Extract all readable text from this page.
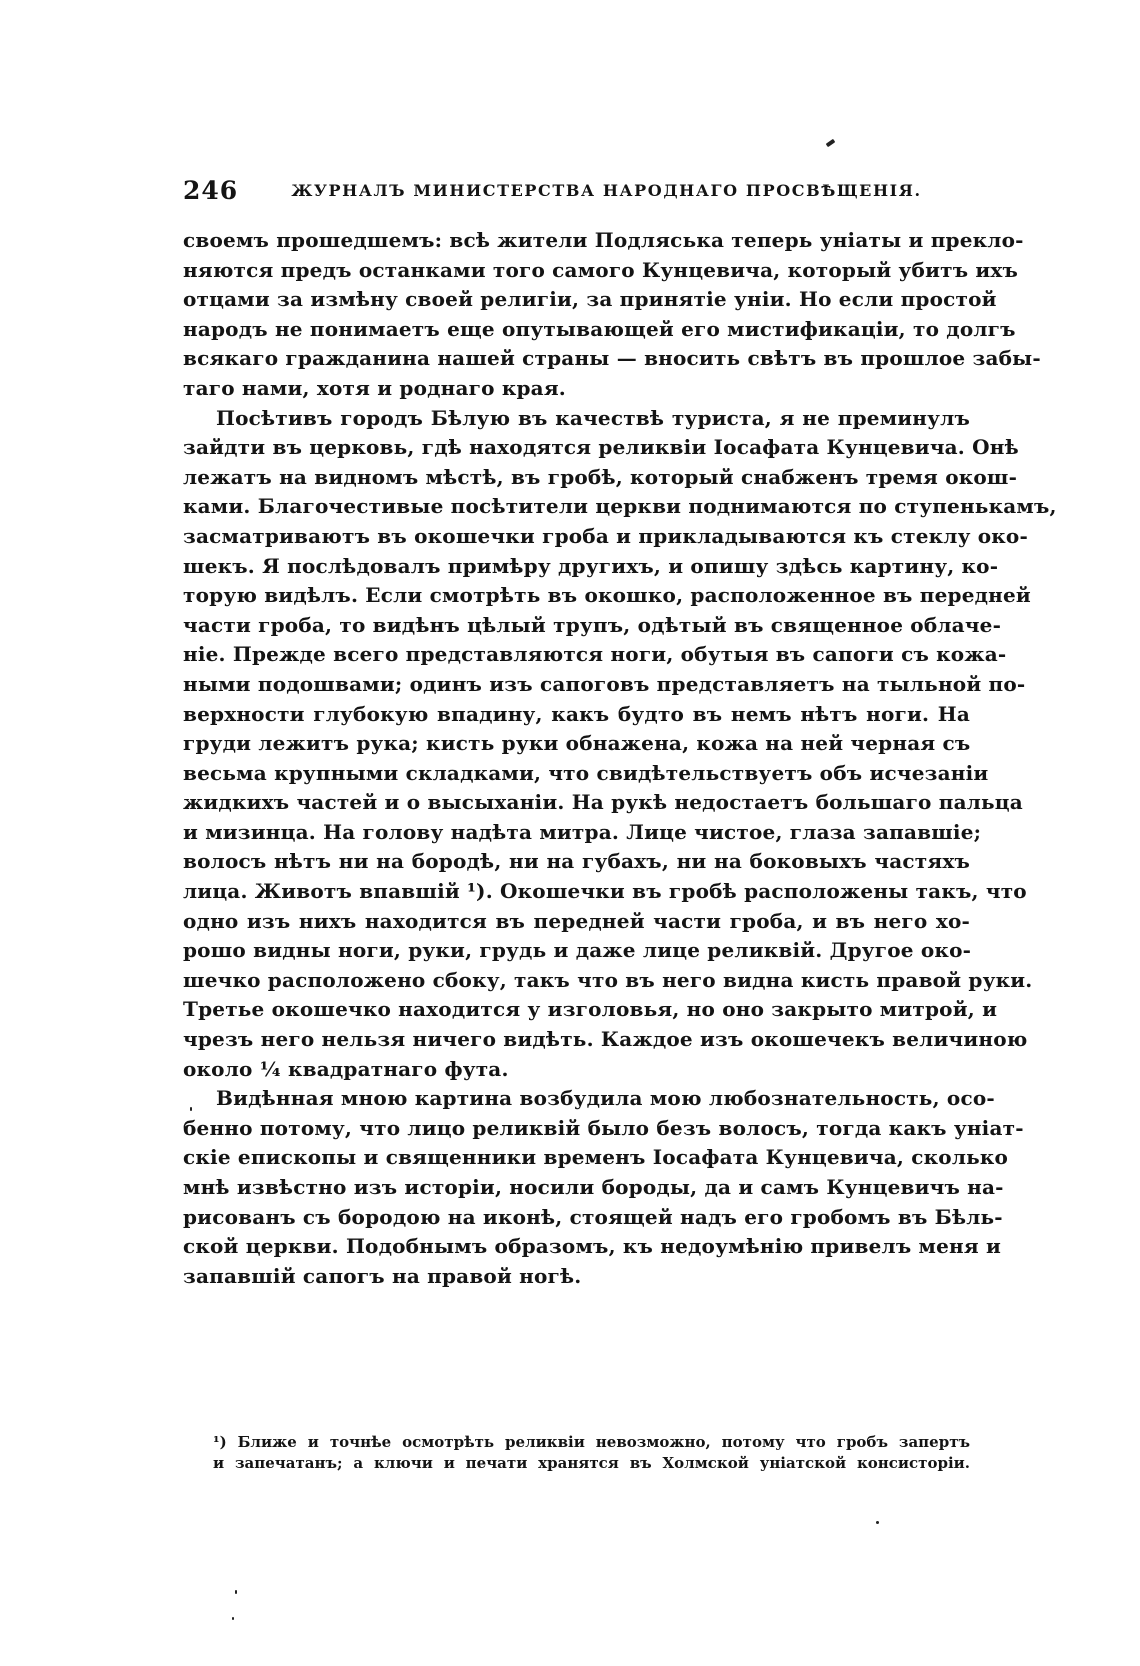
246	ЖУРНАЛЪ МИНИСТЕРСТВА НАРОДНАГО ПРОСВѢЩЕНІЯ.
своемъ прошедшемъ: всѣ жители Подляська теперь уніаты и прекло-
няются предъ останками того самого Кунцевича, который убитъ ихъ
отцами за измѣну своей религіи, за принятіе уніи. Но если простой
народъ не понимаетъ еще опутывающей его мистификаціи, то долгъ
всякаго гражданина нашей страны — вносить свѣтъ въ прошлое забы-
таго нами, хотя и роднаго края.
Посѣтивъ городъ Бѣлую въ качествѣ туриста, я не преминулъ
зайдти въ церковь, гдѣ находятся реликвіи Іосафата Кунцевича. Онѣ
лежатъ на видномъ мѣстѣ, въ гробѣ, который снабженъ тремя окош-
ками. Благочестивые посѣтители церкви поднимаются по ступенькамъ,
засматриваютъ въ окошечки гроба и прикладываются къ стеклу око-
шекъ. Я послѣдовалъ примѣру другихъ, и опишу здѣсь картину, ко-
торую видѣлъ. Если смотрѣть въ окошко, расположенное въ передней
части гроба, то видѣнъ цѣлый трупъ, одѣтый въ священное облаче-
ніе. Прежде всего представляются ноги, обутыя въ сапоги съ кожа-
ными подошвами; одинъ изъ сапоговъ представляетъ на тыльной по-
верхности глубокую впадину, какъ будто въ немъ нѣтъ ноги. На
груди лежитъ рука; кисть руки обнажена, кожа на ней черная съ
весьма крупными складками, что свидѣтельствуетъ объ исчезаніи
жидкихъ частей и о высыханіи. На рукѣ недостаетъ большаго пальца
и мизинца. На голову надѣта митра. Лице чистое, глаза запавшіе;
волосъ нѣтъ ни на бородѣ, ни на губахъ, ни на боковыхъ частяхъ
лица. Животъ впавшій ¹). Окошечки въ гробѣ расположены такъ, что
одно изъ нихъ находится въ передней части гроба, и въ него хо-
рошо видны ноги, руки, грудь и даже лице реликвій. Другое око-
шечко расположено сбоку, такъ что въ него видна кисть правой руки.
Третье окошечко находится у изголовья, но оно закрыто митрой, и
чрезъ него нельзя ничего видѣть. Каждое изъ окошечекъ величиною
около ¼ квадратнаго фута.
Видѣнная мною картина возбудила мою любознательность, осо-
бенно потому, что лицо реликвій было безъ волосъ, тогда какъ уніат-
скіе епископы и священники временъ Іосафата Кунцевича, сколько
мнѣ извѣстно изъ исторіи, носили бороды, да и самъ Кунцевичъ на-
рисованъ съ бородою на иконѣ, стоящей надъ его гробомъ въ Бѣль-
ской церкви. Подобнымъ образомъ, къ недоумѣнію привелъ меня и
запавшій сапогъ на правой ногѣ.
¹) Ближе и точнѣе осмотрѣть реликвіи невозможно, потому что гробъ запертъ
и запечатанъ; а ключи и печати хранятся въ Холмской уніатской консисторіи.
